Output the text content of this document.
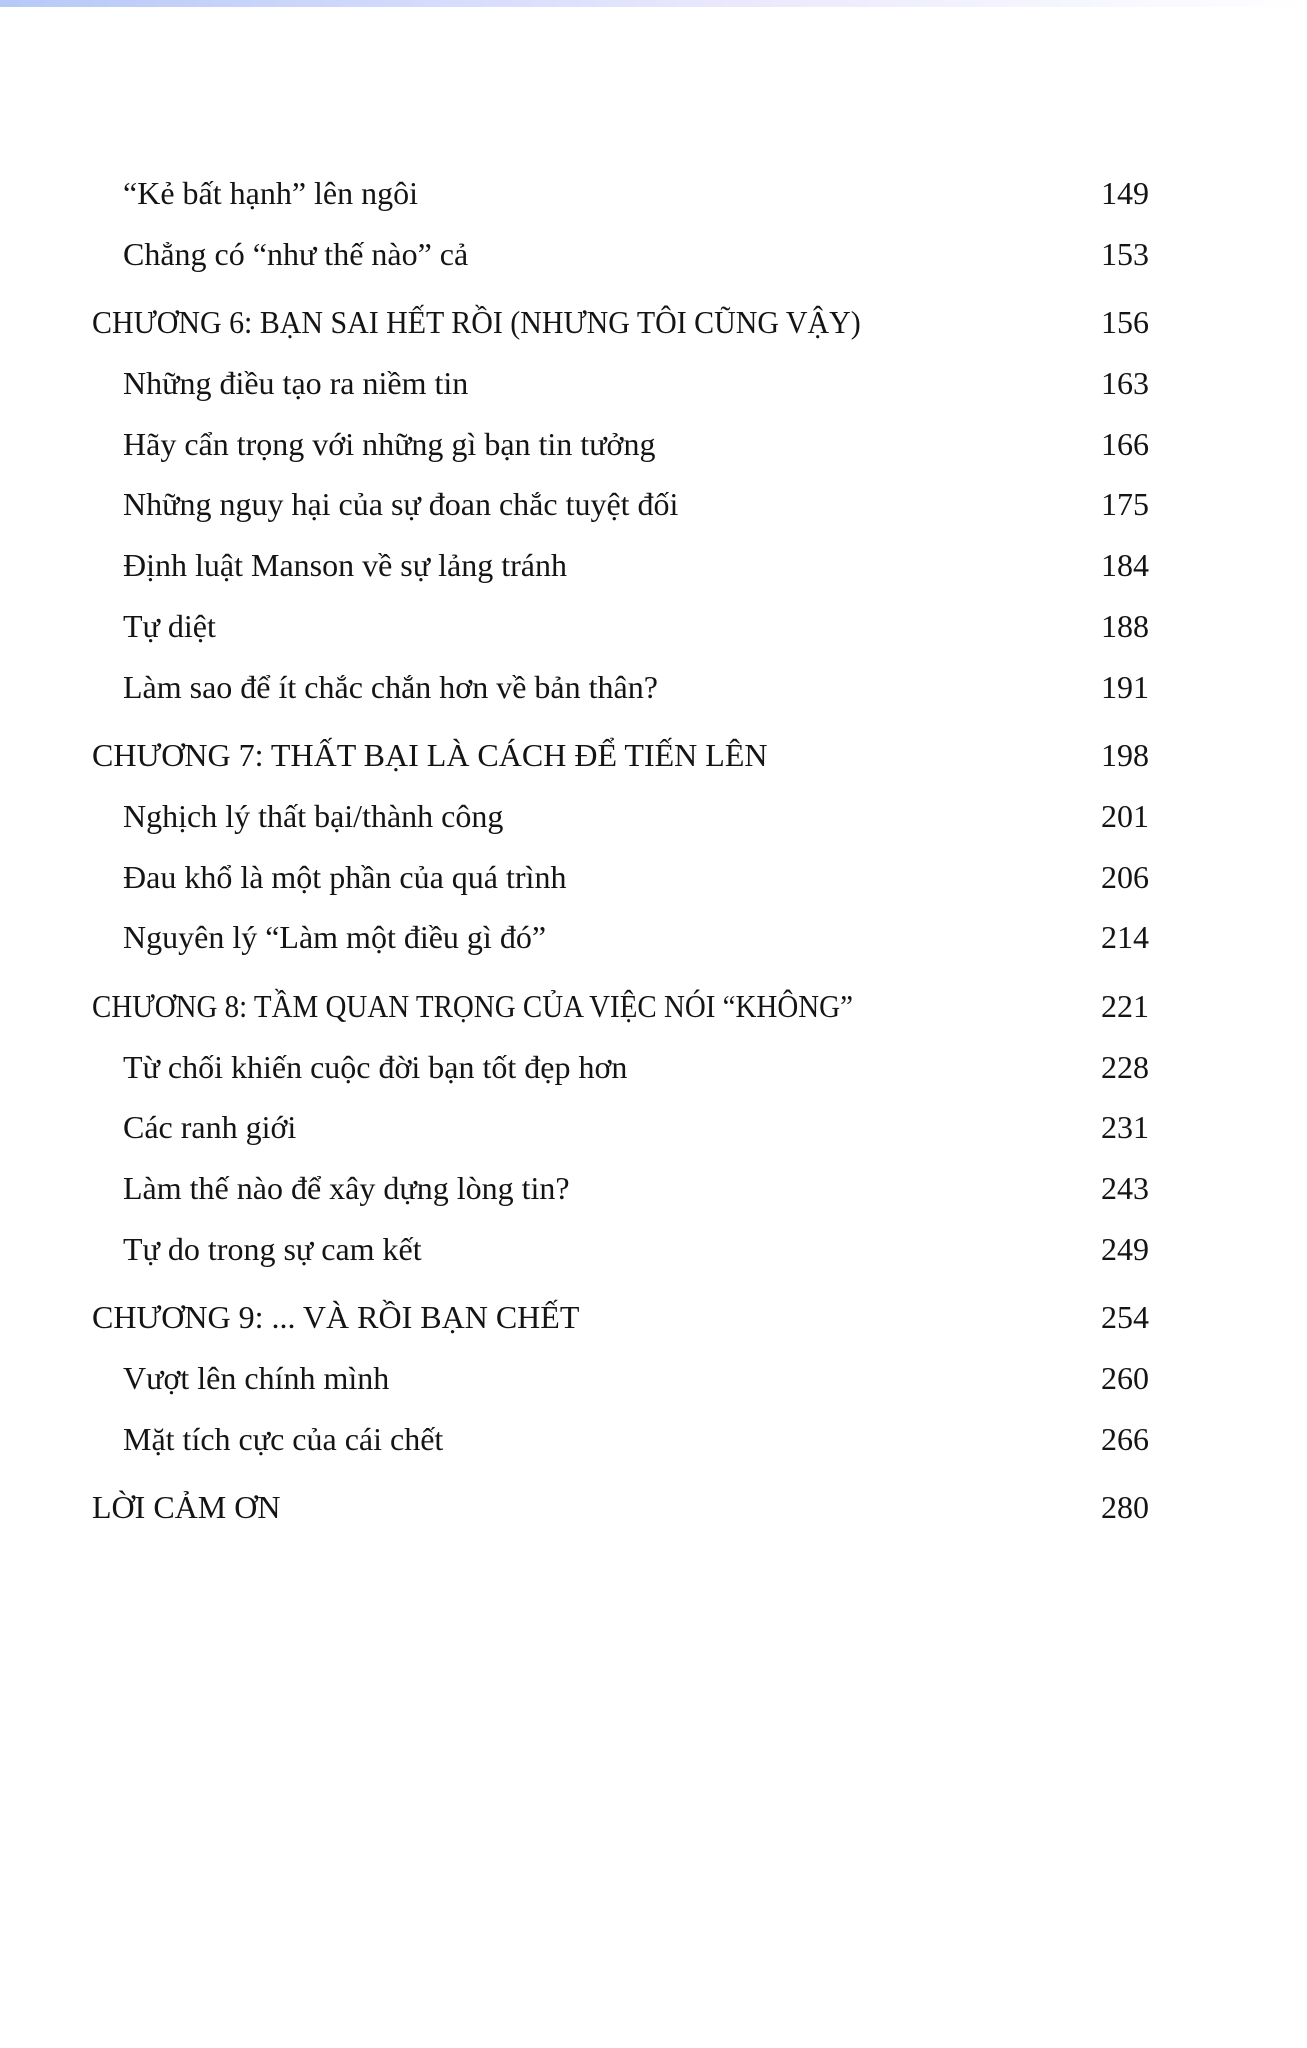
“Kẻ bất hạnh” lên ngôi	149
Chẳng có “như thế nào” cả	153
CHƯƠNG 6: BẠN SAI HẾT RỒI (NHƯNG TÔI CŨNG VẬY)	156
Những điều tạo ra niềm tin	163
Hãy cẩn trọng với những gì bạn tin tưởng	166
Những nguy hại của sự đoan chắc tuyệt đối	175
Định luật Manson về sự lảng tránh	184
Tự diệt	188
Làm sao để ít chắc chắn hơn về bản thân?	191
CHƯƠNG 7: THẤT BẠI LÀ CÁCH ĐỂ TIẾN LÊN	198
Nghịch lý thất bại/thành công	201
Đau khổ là một phần của quá trình	206
Nguyên lý “Làm một điều gì đó”	214
CHƯƠNG 8: TẦM QUAN TRỌNG CỦA VIỆC NÓI “KHÔNG”	221
Từ chối khiến cuộc đời bạn tốt đẹp hơn	228
Các ranh giới	231
Làm thế nào để xây dựng lòng tin?	243
Tự do trong sự cam kết	249
CHƯƠNG 9: ... VÀ RỒI BẠN CHẾT	254
Vượt lên chính mình	260
Mặt tích cực của cái chết	266
LỜI CẢM ƠN	280
